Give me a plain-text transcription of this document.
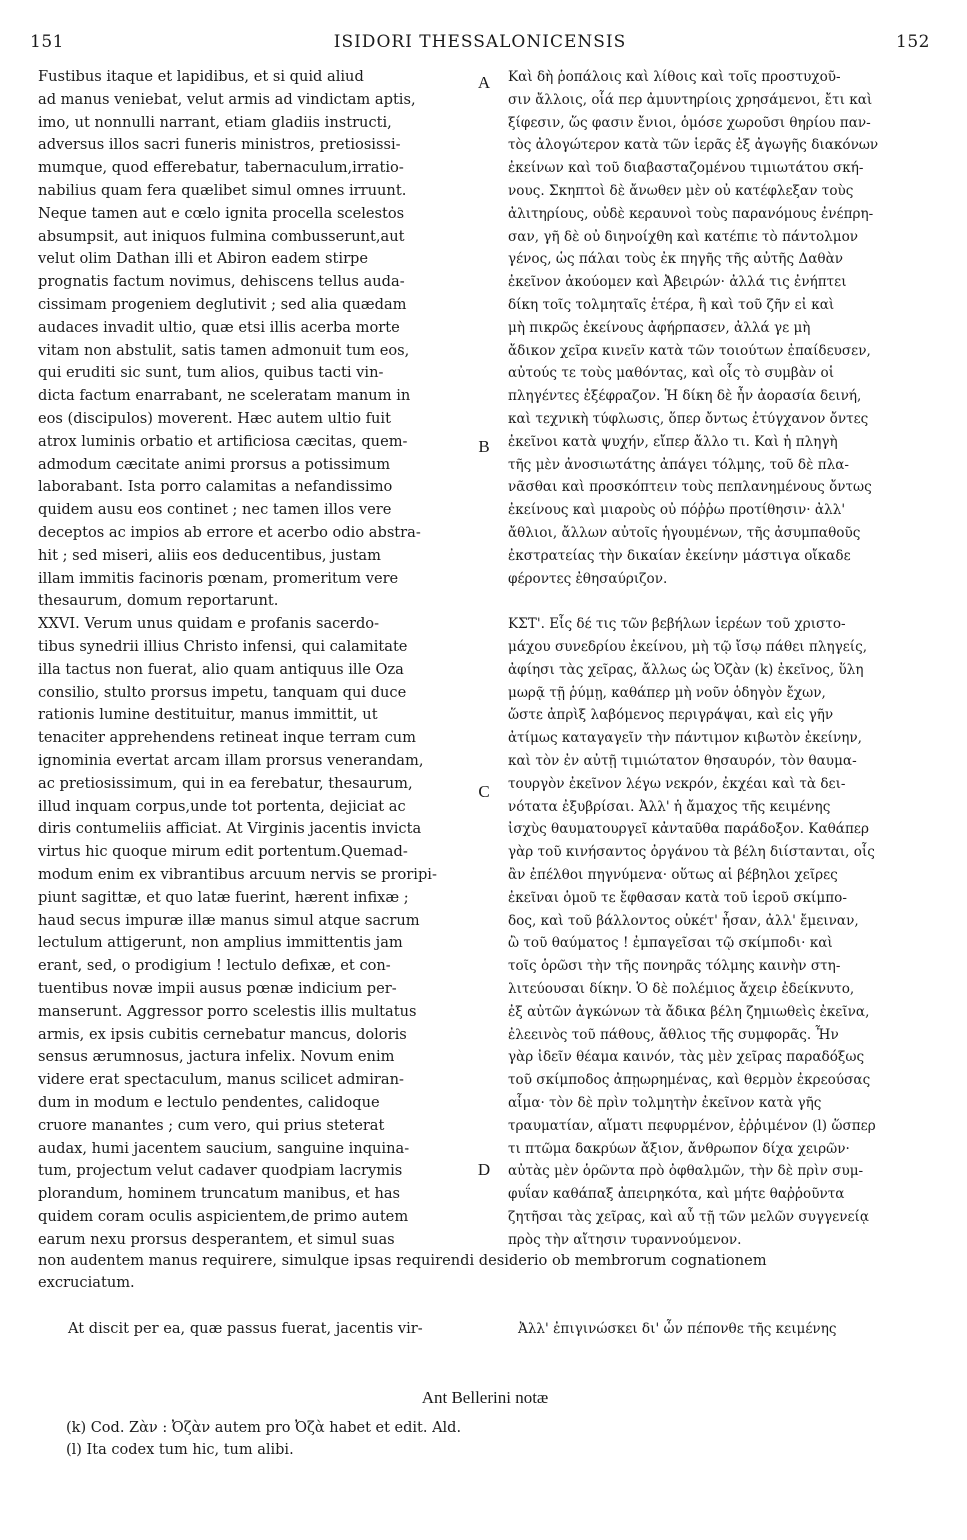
151	ISIDORI THESSALONICENSIS	152
Fustibus itaque et lapidibus, et si quid aliud
ad manus veniebat, velut armis ad vindictam aptis,
imo, ut nonnulli narrant, etiam gladiis instructi,
adversus illos sacri funeris ministros, pretiosissi-
mumque, quod efferebatur, tabernaculum,irratio-
nabilius quam fera quælibet simul omnes irruunt.
Neque tamen aut e cœlo ignita procella scelestos
absumpsit, aut iniquos fulmina combusserunt,aut
velut olim Dathan illi et Abiron eadem stirpe
prognatis factum novimus, dehiscens tellus auda-
cissimam progeniem deglutivit ; sed alia quædam
audaces invadit ultio, quæ etsi illis acerba morte
vitam non abstulit, satis tamen admonuit tum eos,
qui eruditi sic sunt, tum alios, quibus tacti vin-
dicta factum enarrabant, ne sceleratam manum in
eos (discipulos) moverent. Hæc autem ultio fuit
atrox luminis orbatio et artificiosa cæcitas, quem-
admodum cæcitate animi prorsus a potissimum
laborabant. Ista porro calamitas a nefandissimo
quidem ausu eos continet ; nec tamen illos vere
deceptos ac impios ab errore et acerbo odio abstra-
hit ; sed miseri, aliis eos deducentibus, justam
illam immitis facinoris pœnam, promeritum vere
thesaurum, domum reportarunt.
XXVI. Verum unus quidam e profanis sacerdo-
tibus synedrii illius Christo infensi, qui calamitate
illa tactus non fuerat, alio quam antiquus ille Oza
consilio, stulto prorsus impetu, tanquam qui duce
rationis lumine destituitur, manus immittit, ut
tenaciter apprehendens retineat inque terram cum
ignominia evertat arcam illam prorsus venerandam,
ac pretiosissimum, qui in ea ferebatur, thesaurum,
illud inquam corpus,unde tot portenta, dejiciat ac
diris contumeliis afficiat. At Virginis jacentis invicta
virtus hic quoque mirum edit portentum.Quemad-
modum enim ex vibrantibus arcuum nervis se proripi-
piunt sagittæ, et quo latæ fuerint, hærent infixæ ;
haud secus impuræ illæ manus simul atque sacrum
lectulum attigerunt, non amplius immittentis jam
erant, sed, o prodigium ! lectulo defixæ, et con-
tuentibus novæ impii ausus pœnæ indicium per-
manserunt. Aggressor porro scelestis illis multatus
armis, ex ipsis cubitis cernebatur mancus, doloris
sensus ærumnosus, jactura infelix. Novum enim
videre erat spectaculum, manus scilicet admiran-
dum in modum e lectulo pendentes, calidoque
cruore manantes ; cum vero, qui prius steterat
audax, humi jacentem saucium, sanguine inquina-
tum, projectum velut cadaver quodpiam lacrymis
plorandum, hominem truncatum manibus, et has
quidem coram oculis aspicientem,de primo autem
earum nexu prorsus desperantem, et simul suas
Καὶ δὴ ῥοπάλοις καὶ λίθοις καὶ τοῖς προστυχοῦ-
σιν ἄλλοις, οἷά περ ἀμυντηρίοις χρησάμενοι, ἔτι καὶ
ξίφεσιν, ὥς φασιν ἔνιοι, ὁμόσε χωροῦσι θηρίου παν-
τὸς ἀλογώτερον κατὰ τῶν ἱερᾶς ἐξ ἀγωγῆς διακόνων
ἐκείνων καὶ τοῦ διαβασταζομένου τιμιωτάτου σκή-
νους. Σκηπτοὶ δὲ ἄνωθεν μὲν οὐ κατέφλεξαν τοὺς
ἀλιτηρίους, οὐδὲ κεραυνοὶ τοὺς παρανόμους ἐνέπρη-
σαν, γῆ δὲ οὐ διηνοίχθη καὶ κατέπιε τὸ πάντολμον
γένος, ὡς πάλαι τοὺς ἐκ πηγῆς τῆς αὐτῆς Δαθὰν
ἐκεῖνον ἀκούομεν καὶ Ἀβειρών· ἀλλά τις ἐνήπτει
δίκη τοῖς τολμηταῖς ἑτέρα, ἣ καὶ τοῦ ζῆν εἰ καὶ
μὴ πικρῶς ἐκείνους ἀφήρπασεν, ἀλλά γε μὴ
ἄδικον χεῖρα κινεῖν κατὰ τῶν τοιούτων ἐπαίδευσεν,
αὐτούς τε τοὺς μαθόντας, καὶ οἷς τὸ συμβὰν οἱ
πληγέντες ἐξέφραζον. Ἡ δίκη δὲ ἦν ἀορασία δεινή,
καὶ τεχνικὴ τύφλωσις, ὅπερ ὄντως ἐτύγχανον ὄντες
ἐκεῖνοι κατὰ ψυχήν, εἴπερ ἄλλο τι. Καὶ ἡ πληγὴ
τῆς μὲν ἀνοσιωτάτης ἀπάγει τόλμης, τοῦ δὲ πλα-
νᾶσθαι καὶ προσκόπτειν τοὺς πεπλανημένους ὄντως
ἐκείνους καὶ μιαροὺς οὐ πόῤῥω προτίθησιν· ἀλλ'
ἄθλιοι, ἄλλων αὐτοῖς ἡγουμένων, τῆς ἀσυμπαθοῦς
ἐκστρατείας τὴν δικαίαν ἐκείνην μάστιγα οἴκαδε
φέροντες ἐθησαύριζον.
ΚΣΤ'. Εἷς δέ τις τῶν βεβήλων ἱερέων τοῦ χριστο-
μάχου συνεδρίου ἐκείνου, μὴ τῷ ἴσῳ πάθει πληγείς,
ἀφίησι τὰς χεῖρας, ἄλλως ὡς Ὀζὰν (k) ἐκεῖνος, ὕλη
μωρᾷ τῇ ῥύμῃ, καθάπερ μὴ νοῦν ὁδηγὸν ἔχων,
ὥστε ἀπρὶξ λαβόμενος περιγράψαι, καὶ εἰς γῆν
ἀτίμως καταγαγεῖν τὴν πάντιμον κιβωτὸν ἐκείνην,
καὶ τὸν ἐν αὐτῇ τιμιώτατον θησαυρόν, τὸν θαυμα-
τουργὸν ἐκεῖνον λέγω νεκρόν, ἐκχέαι καὶ τὰ δει-
νότατα ἐξυβρίσαι. Ἀλλ' ἡ ἄμαχος τῆς κειμένης
ἰσχὺς θαυματουργεῖ κἀνταῦθα παράδοξον. Καθάπερ
γὰρ τοῦ κινήσαντος ὀργάνου τὰ βέλη διίστανται, οἷς
ἂν ἐπέλθοι πηγνύμενα· οὕτως αἱ βέβηλοι χεῖρες
ἐκεῖναι ὁμοῦ τε ἔφθασαν κατὰ τοῦ ἱεροῦ σκίμπο-
δος, καὶ τοῦ βάλλοντος οὐκέτ' ἦσαν, ἀλλ' ἔμειναν,
ὢ τοῦ θαύματος ! ἐμπαγεῖσαι τῷ σκίμποδι· καὶ
τοῖς ὁρῶσι τὴν τῆς πονηρᾶς τόλμης καινὴν στη-
λιτεύουσαι δίκην. Ὁ δὲ πολέμιος ἄχειρ ἐδείκνυτο,
ἐξ αὐτῶν ἀγκώνων τὰ ἄδικα βέλη ζημιωθεὶς ἐκεῖνα,
ἐλεεινὸς τοῦ πάθους, ἄθλιος τῆς συμφορᾶς. Ἦν
γὰρ ἰδεῖν θέαμα καινόν, τὰς μὲν χεῖρας παραδόξως
τοῦ σκίμποδος ἀπῃωρημένας, καὶ θερμὸν ἐκρεούσας
αἷμα· τὸν δὲ πρὶν τολμητὴν ἐκεῖνον κατὰ γῆς
τραυματίαν, αἵματι πεφυρμένον, ἐῤῥιμένον (l) ὥσπερ
τι πτῶμα δακρύων ἄξιον, ἄνθρωπον δίχα χειρῶν·
αὐτὰς μὲν ὁρῶντα πρὸ ὀφθαλμῶν, τὴν δὲ πρὶν συμ-
φυΐαν καθάπαξ ἀπειρηκότα, καὶ μήτε θαῤῥοῦντα
ζητῆσαι τὰς χεῖρας, καὶ αὖ τῇ τῶν μελῶν συγγενείᾳ
πρὸς τὴν αἴτησιν τυραννούμενον.
A
B
C
D
non audentem manus requirere, simulque ipsas requirendi desiderio ob membrorum cognationem
excruciatum.
At discit per ea, quæ passus fuerat, jacentis vir-	Ἀλλ' ἐπιγινώσκει δι' ὧν πέπονθε τῆς κειμένης
Ant Bellerini notæ
(k) Cod. Ζὰν : Ὀζὰν autem pro Ὀζὰ habet et edit. Ald.
(l) Ita codex tum hic, tum alibi.
